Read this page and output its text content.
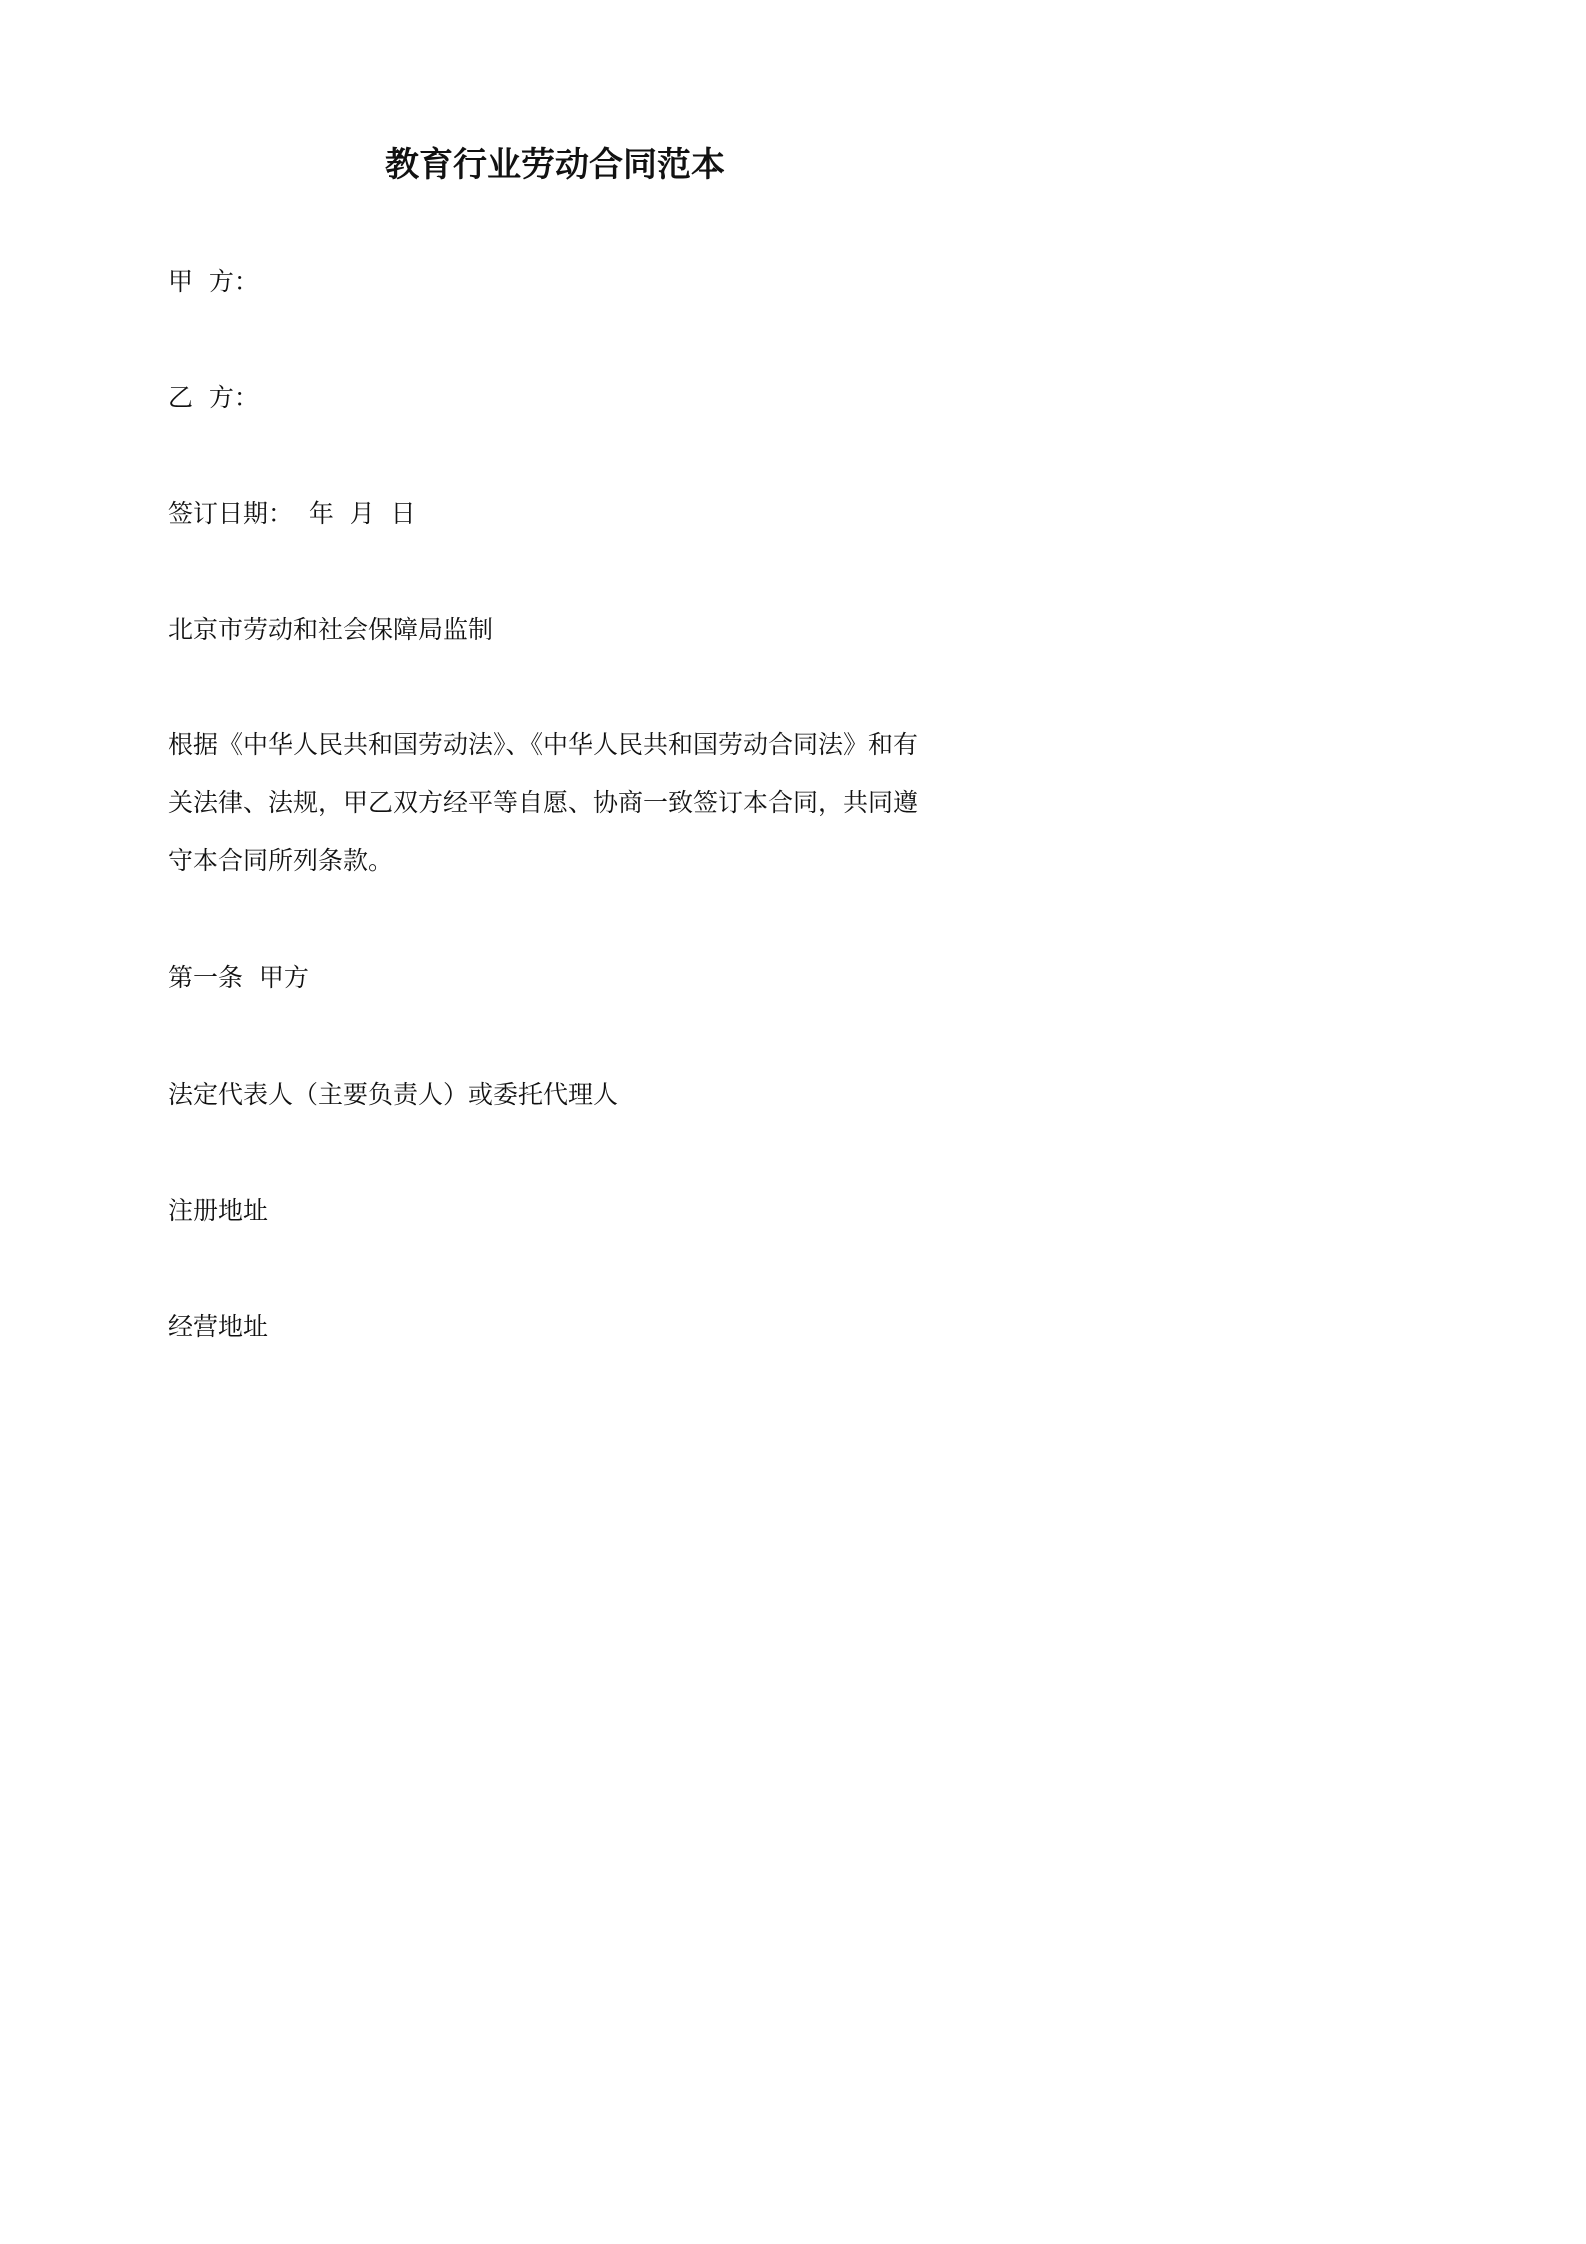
教育行业劳动合同范本

甲  方：

乙  方：

签订日期：  年  月  日

北京市劳动和社会保障局监制

根据《中华人民共和国劳动法》、《中华人民共和国劳动合同法》和有
关法律、法规，甲乙双方经平等自愿、协商一致签订本合同，共同遵
守本合同所列条款。

第一条  甲方

法定代表人（主要负责人）或委托代理人

注册地址

经营地址
